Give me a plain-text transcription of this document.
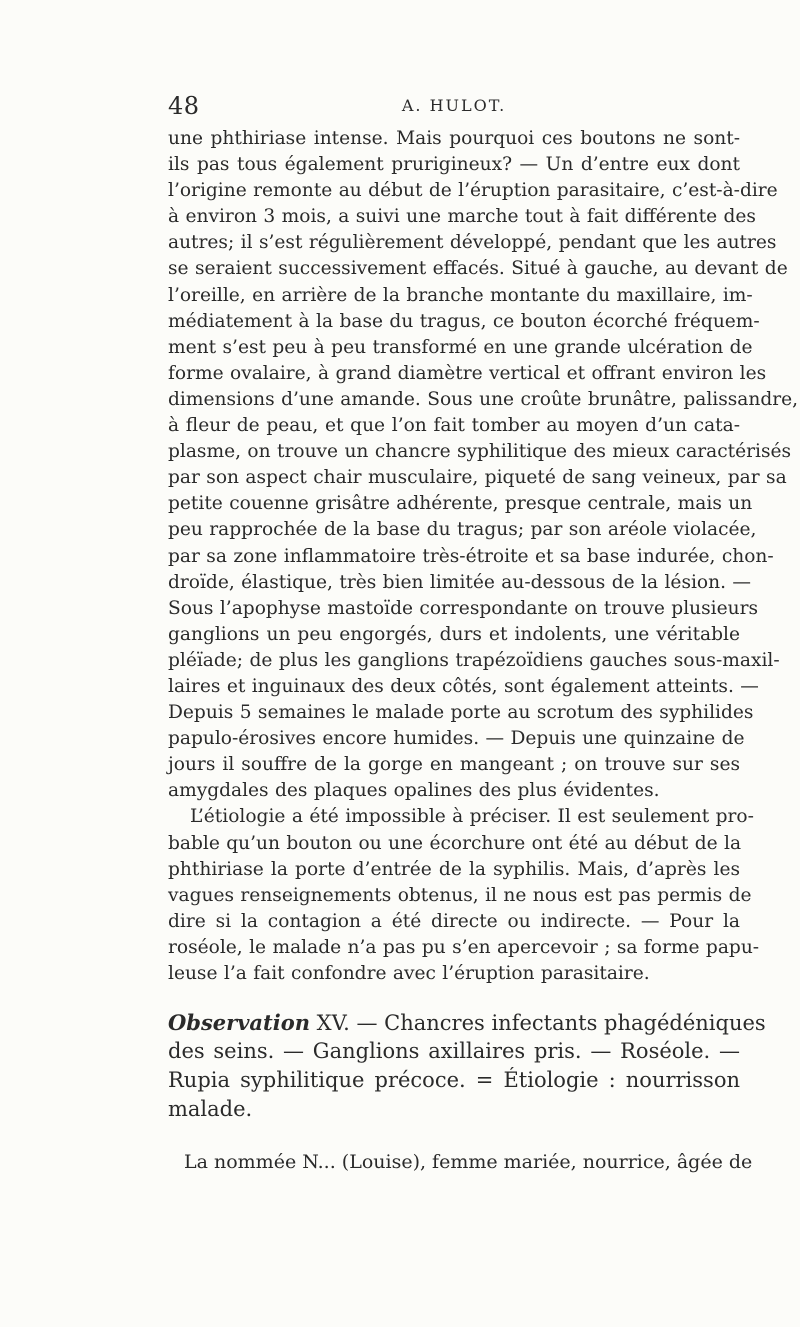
48	A. HULOT.
une phthiriase intense. Mais pourquoi ces boutons ne sont-
ils pas tous également prurigineux? — Un d’entre eux dont
l’origine remonte au début de l’éruption parasitaire, c’est-à-dire
à environ 3 mois, a suivi une marche tout à fait différente des
autres; il s’est régulièrement développé, pendant que les autres
se seraient successivement effacés. Situé à gauche, au devant de
l’oreille, en arrière de la branche montante du maxillaire, im-
médiatement à la base du tragus, ce bouton écorché fréquem-
ment s’est peu à peu transformé en une grande ulcération de
forme ovalaire, à grand diamètre vertical et offrant environ les
dimensions d’une amande. Sous une croûte brunâtre, palissandre,
à fleur de peau, et que l’on fait tomber au moyen d’un cata-
plasme, on trouve un chancre syphilitique des mieux caractérisés
par son aspect chair musculaire, piqueté de sang veineux, par sa
petite couenne grisâtre adhérente, presque centrale, mais un
peu rapprochée de la base du tragus; par son aréole violacée,
par sa zone inflammatoire très-étroite et sa base indurée, chon-
droïde, élastique, très bien limitée au-dessous de la lésion. —
Sous l’apophyse mastoïde correspondante on trouve plusieurs
ganglions un peu engorgés, durs et indolents, une véritable
pléïade; de plus les ganglions trapézoïdiens gauches sous-maxil-
laires et inguinaux des deux côtés, sont également atteints. —
Depuis 5 semaines le malade porte au scrotum des syphilides
papulo-érosives encore humides. — Depuis une quinzaine de
jours il souffre de la gorge en mangeant ; on trouve sur ses
amygdales des plaques opalines des plus évidentes.
L’étiologie a été impossible à préciser. Il est seulement pro-
bable qu’un bouton ou une écorchure ont été au début de la
phthiriase la porte d’entrée de la syphilis. Mais, d’après les
vagues renseignements obtenus, il ne nous est pas permis de
dire si la contagion a été directe ou indirecte. — Pour la
roséole, le malade n’a pas pu s’en apercevoir ; sa forme papu-
leuse l’a fait confondre avec l’éruption parasitaire.
Observation XV. — Chancres infectants phagédéniques
des seins. — Ganglions axillaires pris. — Roséole. —
Rupia syphilitique précoce. = Étiologie : nourrisson
malade.
La nommée N... (Louise), femme mariée, nourrice, âgée de
